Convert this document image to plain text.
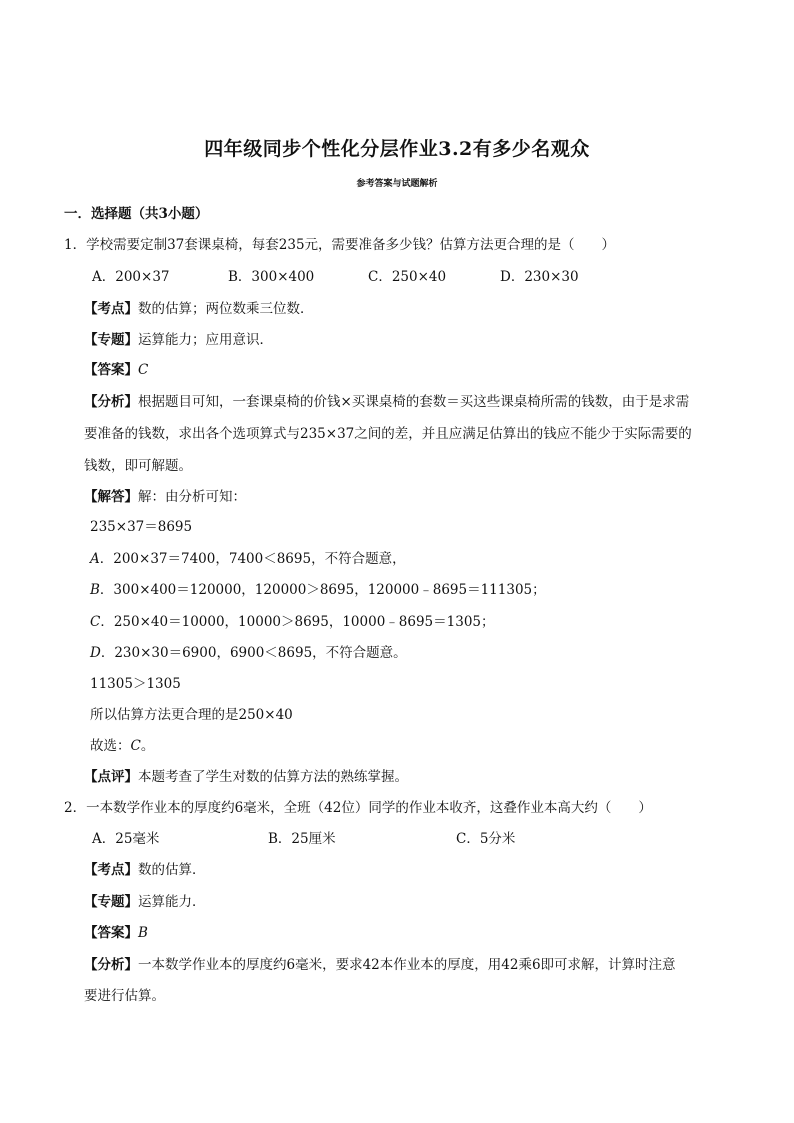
四年级同步个性化分层作业3.2有多少名观众
参考答案与试题解析
一．选择题（共3小题）
1．学校需要定制37套课桌椅，每套235元，需要准备多少钱？估算方法更合理的是（　　）
A．200×37	B．300×400	C．250×40	D．230×30
【考点】数的估算；两位数乘三位数．
【专题】运算能力；应用意识．
【答案】C
【分析】根据题目可知，一套课桌椅的价钱×买课桌椅的套数＝买这些课桌椅所需的钱数，由于是求需
要准备的钱数，求出各个选项算式与235×37之间的差，并且应满足估算出的钱应不能少于实际需要的
钱数，即可解题。
【解答】解：由分析可知：
235×37＝8695
A．200×37＝7400，7400＜8695，不符合题意，
B．300×400＝120000，120000＞8695，120000﹣8695＝111305；
C．250×40＝10000，10000＞8695，10000﹣8695＝1305；
D．230×30＝6900，6900＜8695，不符合题意。
11305＞1305
所以估算方法更合理的是250×40
故选：C。
【点评】本题考查了学生对数的估算方法的熟练掌握。
2．一本数学作业本的厚度约6毫米，全班（42位）同学的作业本收齐，这叠作业本高大约（　　）
A．25毫米	B．25厘米	C．5分米
【考点】数的估算．
【专题】运算能力．
【答案】B
【分析】一本数学作业本的厚度约6毫米，要求42本作业本的厚度，用42乘6即可求解，计算时注意
要进行估算。
